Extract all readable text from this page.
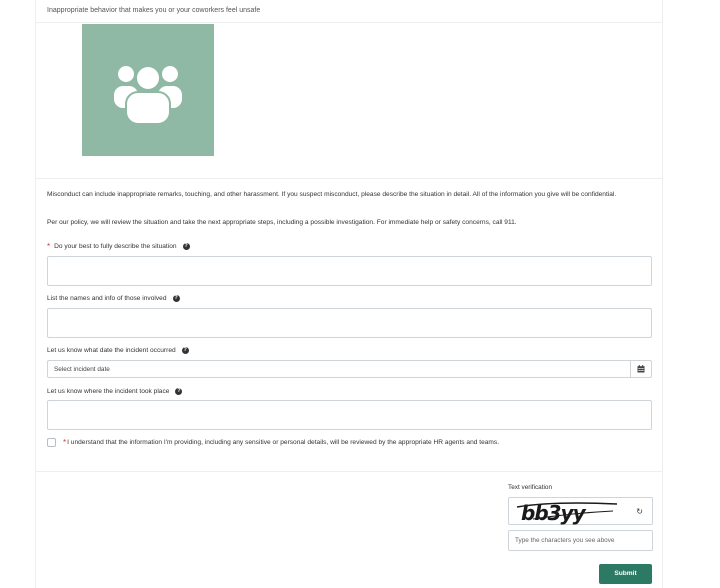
Inappropriate behavior that makes you or your coworkers feel unsafe
Misconduct can include inappropriate remarks, touching, and other harassment. If you suspect misconduct, please describe the situation in detail. All of the information you give will be confidential.
Per our policy, we will review the situation and take the next appropriate steps, including a possible investigation. For immediate help or safety concerns, call 911.
* Do your best to fully describe the situation	?
List the names and info of those involved	?
Let us know what date the incident occurred	?
Select incident date
Let us know where the incident took place	?
* I understand that the information I'm providing, including any sensitive or personal details, will be reviewed by the appropriate HR agents and teams.
Text verification
bb3yy	↻
Type the characters you see above
Submit
